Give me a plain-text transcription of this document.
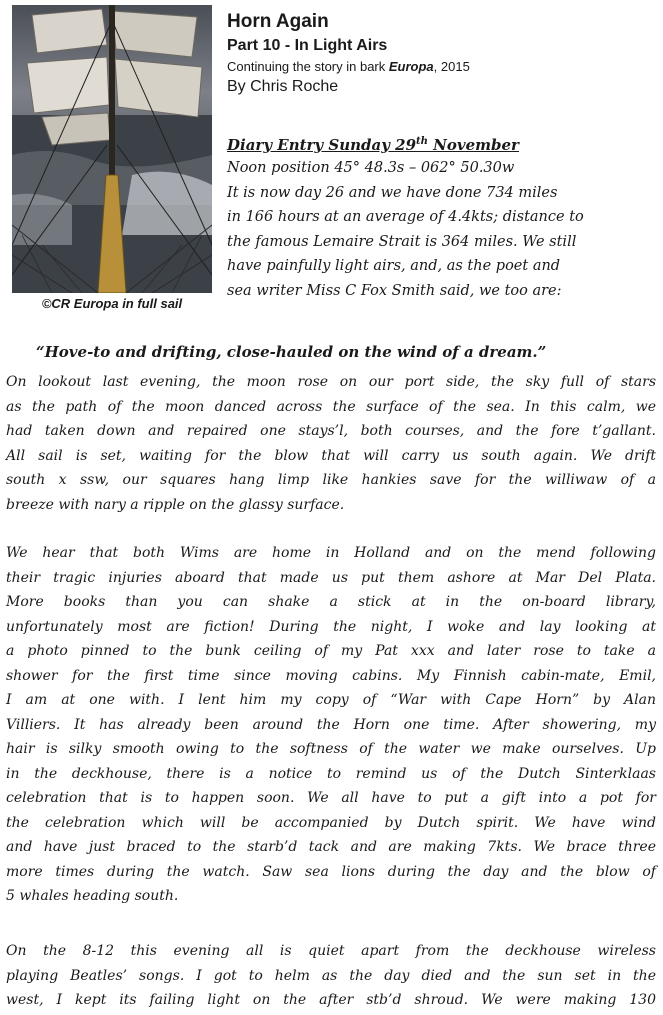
©CR Europa in full sail
Horn Again
Part 10 - In Light Airs
Continuing the story in bark Europa, 2015
By Chris Roche
Diary Entry Sunday 29th November
Noon position 45° 48.3s – 062° 50.30w
It is now day 26 and we have done 734 miles
in 166 hours at an average of 4.4kts; distance to
the famous Lemaire Strait is 364 miles. We still
have painfully light airs, and, as the poet and
sea writer Miss C Fox Smith said, we too are:
“Hove-to and drifting, close-hauled on the wind of a dream.”
On lookout last evening, the moon rose on our port side, the sky full of stars
as the path of the moon danced across the surface of the sea. In this calm, we
had taken down and repaired one stays’l, both courses, and the fore t’gallant.
All sail is set, waiting for the blow that will carry us south again. We drift
south x ssw, our squares hang limp like hankies save for the williwaw of a
breeze with nary a ripple on the glassy surface.
We hear that both Wims are home in Holland and on the mend following
their tragic injuries aboard that made us put them ashore at Mar Del Plata.
More books than you can shake a stick at in the on-board library,
unfortunately most are fiction! During the night, I woke and lay looking at
a photo pinned to the bunk ceiling of my Pat xxx and later rose to take a
shower for the first time since moving cabins. My Finnish cabin-mate, Emil,
I am at one with. I lent him my copy of “War with Cape Horn” by Alan
Villiers. It has already been around the Horn one time. After showering, my
hair is silky smooth owing to the softness of the water we make ourselves. Up
in the deckhouse, there is a notice to remind us of the Dutch Sinterklaas
celebration that is to happen soon. We all have to put a gift into a pot for
the celebration which will be accompanied by Dutch spirit. We have wind
and have just braced to the starb’d tack and are making 7kts. We brace three
more times during the watch. Saw sea lions during the day and the blow of
5 whales heading south.
On the 8-12 this evening all is quiet apart from the deckhouse wireless
playing Beatles’ songs. I got to helm as the day died and the sun set in the
west, I kept its failing light on the after stb’d shroud. We were making 130
